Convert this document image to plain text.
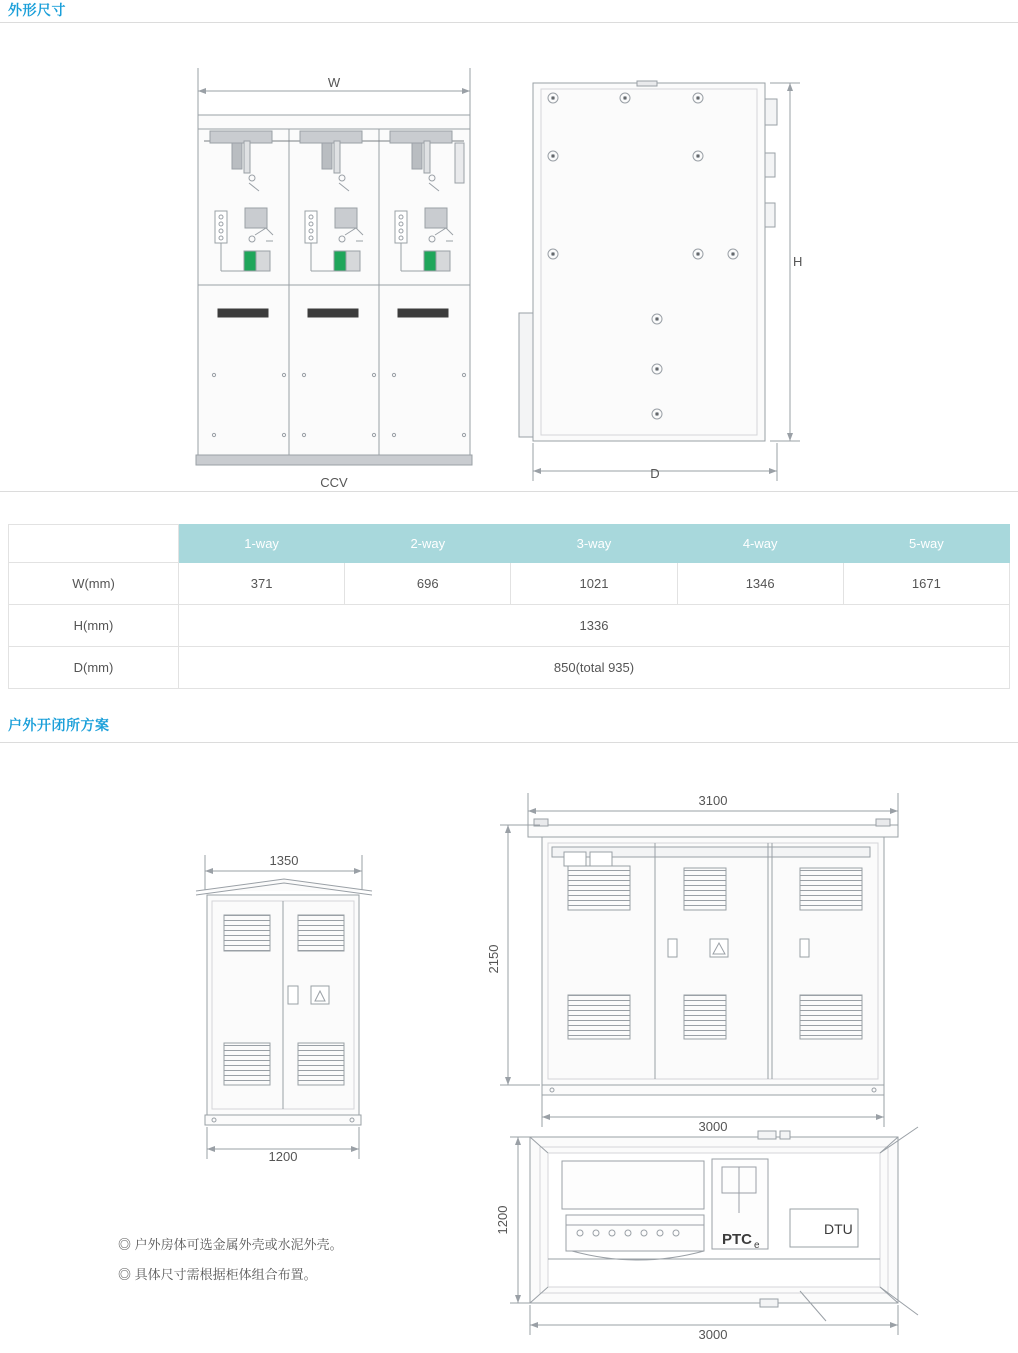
外形尺寸
W
H
D
CCV
	1-way	2-way	3-way	4-way	5-way
W(mm)	371	696	1021	1346	1671
H(mm)	1336				
D(mm)	850(total 935)				
户外开闭所方案
1350
1200
3100
2150
3000
1200
3000
PTC e
DTU
◎ 户外房体可选金属外壳或水泥外壳。
◎ 具体尺寸需根据柜体组合布置。
